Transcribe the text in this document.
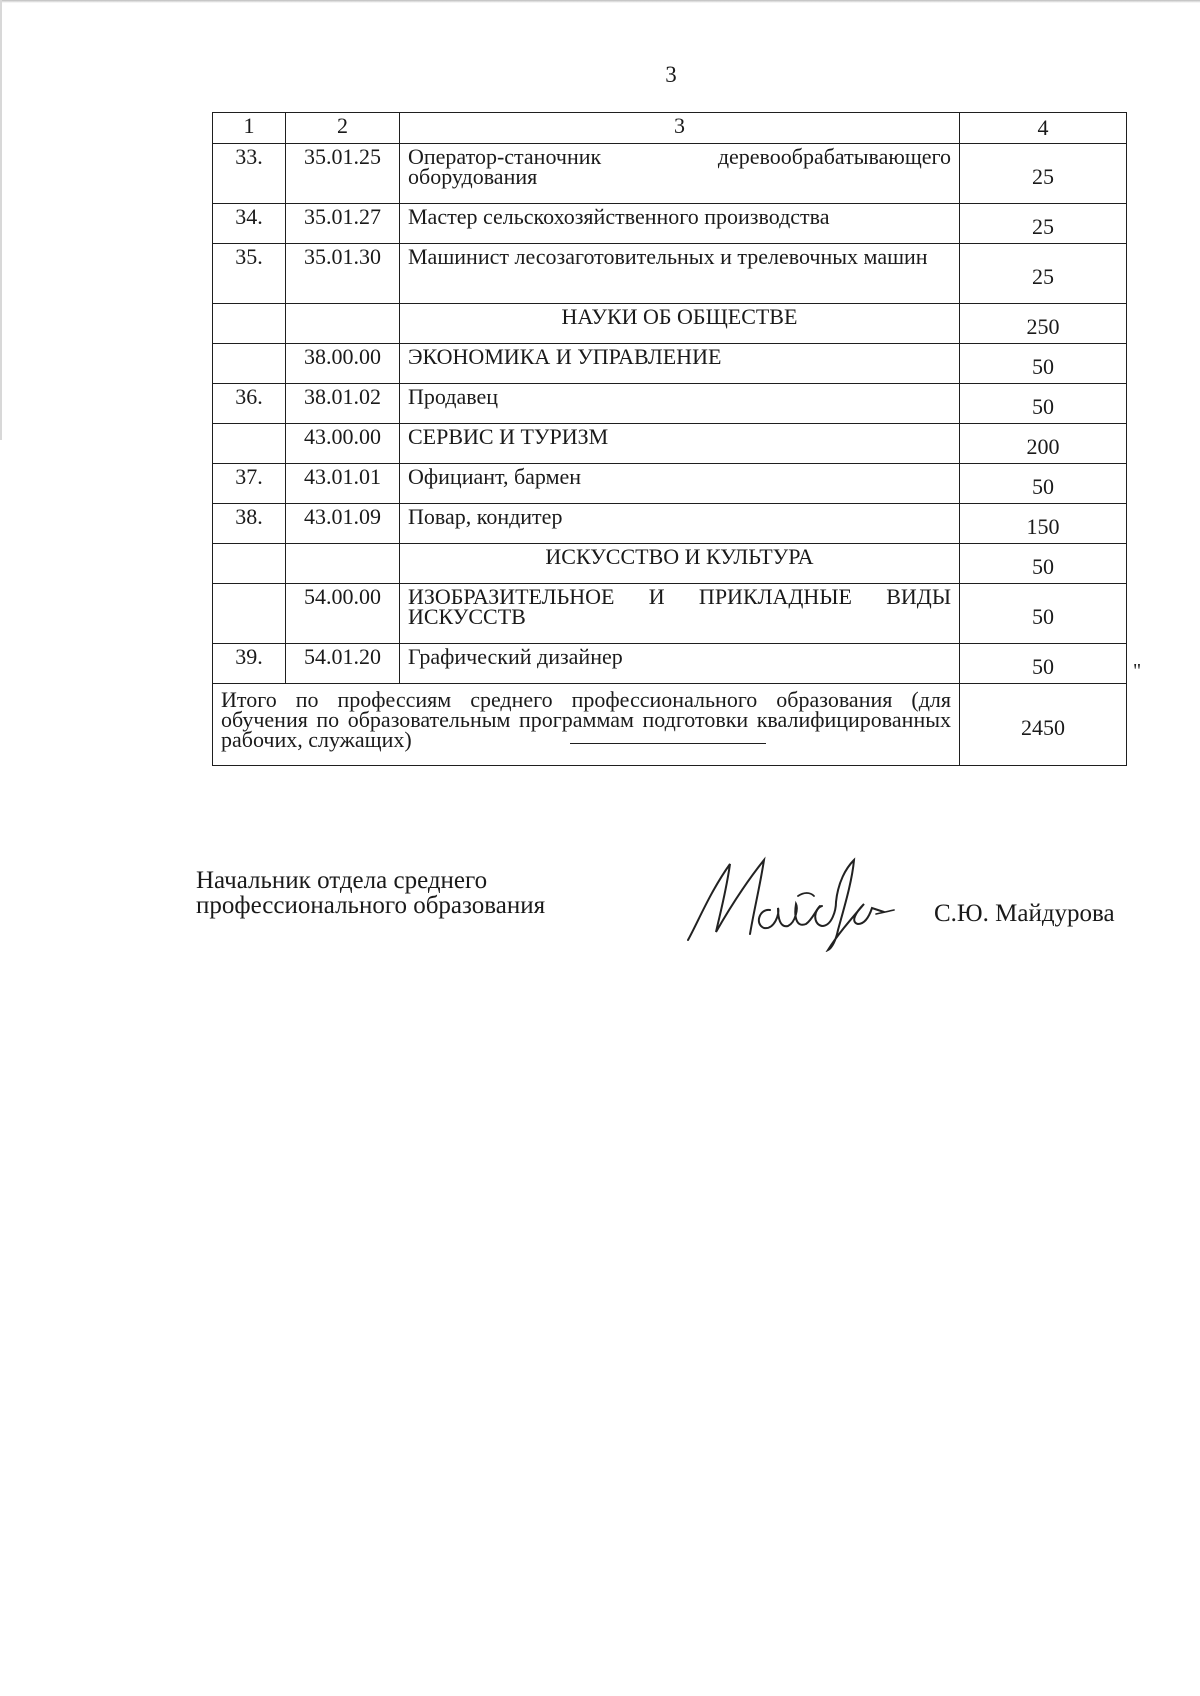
3
1	2	3	4
33.	35.01.25	Оператор-станочник деревообрабатывающего оборудования	25
34.	35.01.27	Мастер сельскохозяйственного производства	25
35.	35.01.30	Машинист лесозаготовительных и трелевочных машин	25
		НАУКИ ОБ ОБЩЕСТВЕ	250
	38.00.00	ЭКОНОМИКА И УПРАВЛЕНИЕ	50
36.	38.01.02	Продавец	50
	43.00.00	СЕРВИС И ТУРИЗМ	200
37.	43.01.01	Официант, бармен	50
38.	43.01.09	Повар, кондитер	150
		ИСКУССТВО И КУЛЬТУРА	50
	54.00.00	ИЗОБРАЗИТЕЛЬНОЕ И ПРИКЛАДНЫЕ ВИДЫ ИСКУССТВ	50
39.	54.01.20	Графический дизайнер	50
Итого по профессиям среднего профессионального образования (для обучения по образовательным программам подготовки квалифицированных рабочих, служащих)			2450
"
Начальник отдела среднего
профессионального образования	С.Ю. Майдурова
